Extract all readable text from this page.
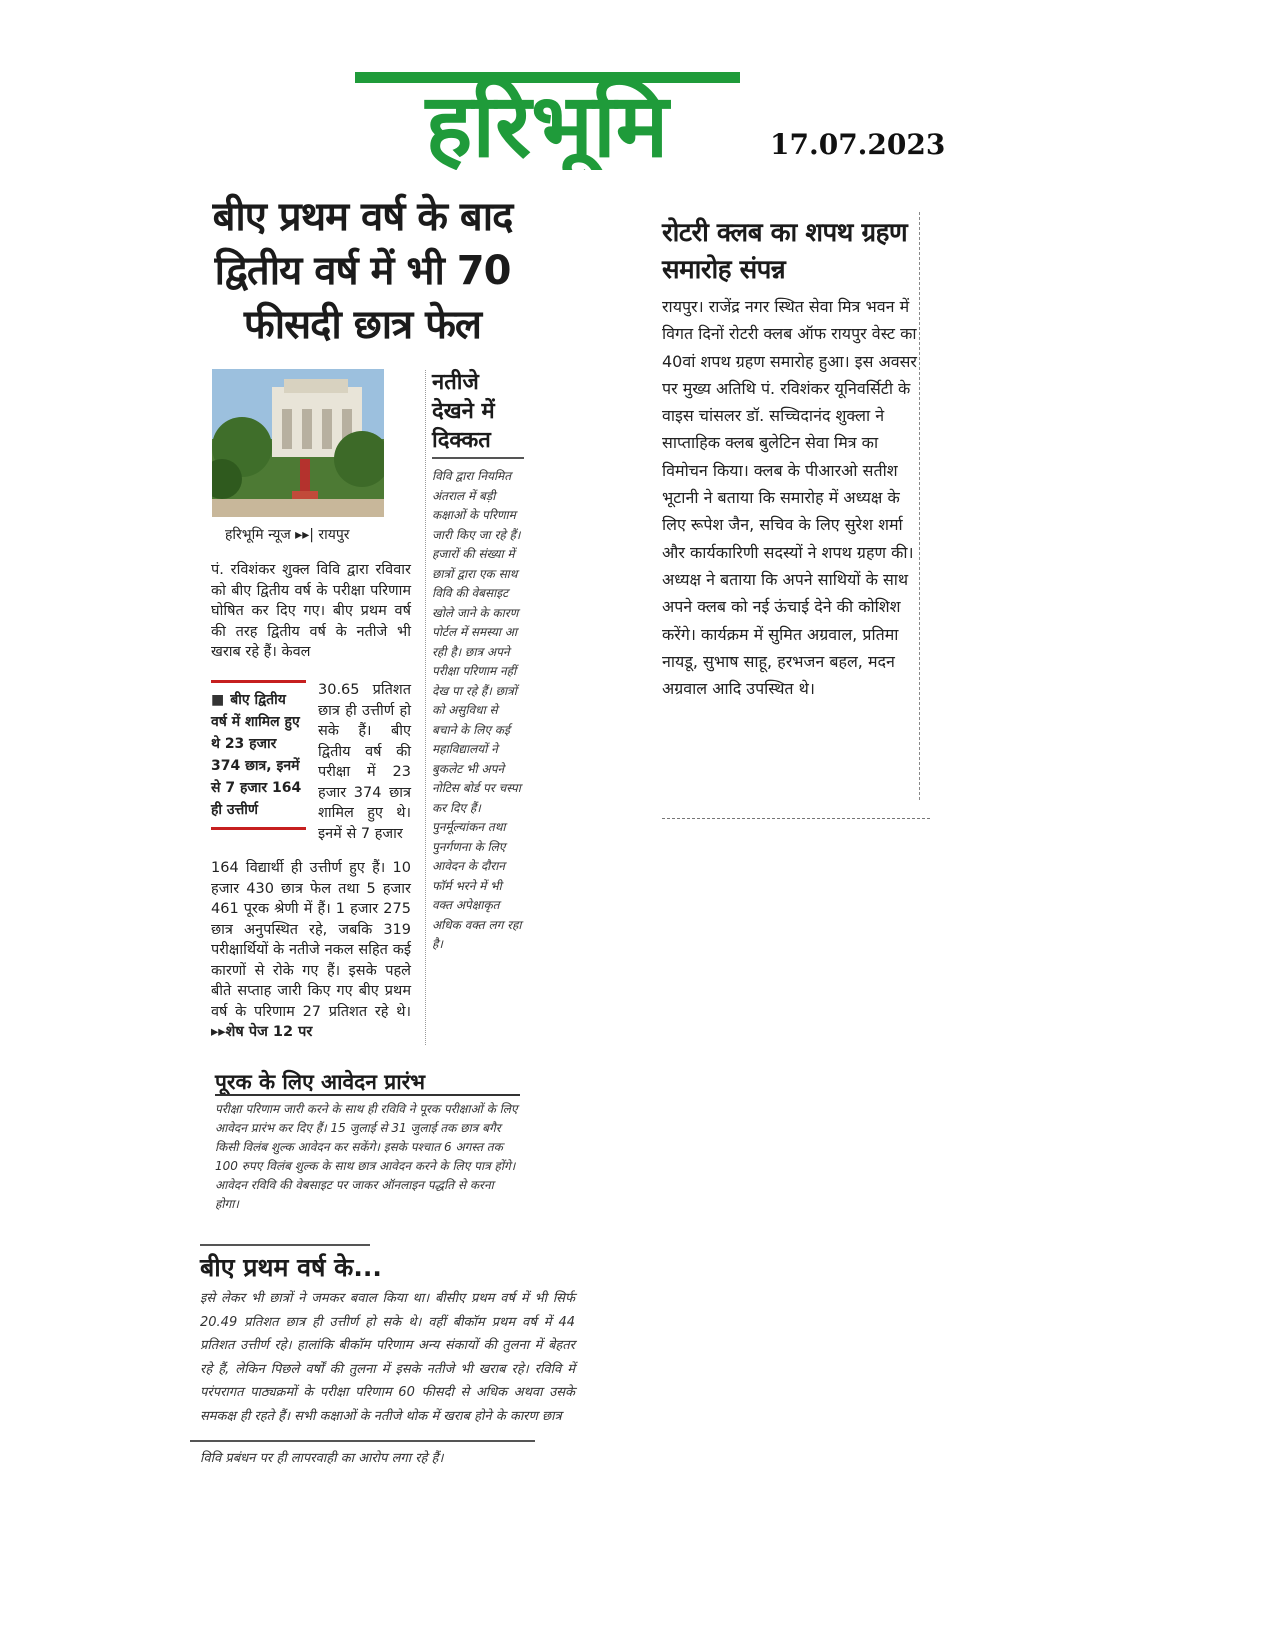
हरिभूमि	17.07.2023
बीए प्रथम वर्ष के बाद द्वितीय वर्ष में भी 70 फीसदी छात्र फेल
हरिभूमि न्यूज ▸▸| रायपुर
पं. रविशंकर शुक्ल विवि द्वारा रविवार को बीए द्वितीय वर्ष के परीक्षा परिणाम घोषित कर दिए गए। बीए प्रथम वर्ष की तरह द्वितीय वर्ष के नतीजे भी खराब रहे हैं। केवल
■ बीए द्वितीय वर्ष में शामिल हुए थे 23 हजार 374 छात्र, इनमें से 7 हजार 164 ही उत्तीर्ण
30.65 प्रतिशत छात्र ही उत्तीर्ण हो सके हैं। बीए द्वितीय वर्ष की परीक्षा में 23 हजार 374 छात्र शामिल हुए थे। इनमें से 7 हजार
164 विद्यार्थी ही उत्तीर्ण हुए हैं। 10 हजार 430 छात्र फेल तथा 5 हजार 461 पूरक श्रेणी में हैं। 1 हजार 275 छात्र अनुपस्थित रहे, जबकि 319 परीक्षार्थियों के नतीजे नकल सहित कई कारणों से रोके गए हैं। इसके पहले बीते सप्ताह जारी किए गए बीए प्रथम वर्ष के परिणाम 27 प्रतिशत रहे थे। ▸▸शेष पेज 12 पर
नतीजे देखने में दिक्कत
विवि द्वारा नियमित अंतराल में बड़ी कक्षाओं के परिणाम जारी किए जा रहे हैं। हजारों की संख्या में छात्रों द्वारा एक साथ विवि की वेबसाइट खोले जाने के कारण पोर्टल में समस्या आ रही है। छात्र अपने परीक्षा परिणाम नहीं देख पा रहे हैं। छात्रों को असुविधा से बचाने के लिए कई महाविद्यालयों ने बुकलेट भी अपने नोटिस बोर्ड पर चस्पा कर दिए हैं। पुनर्मूल्यांकन तथा पुनर्गणना के लिए आवेदन के दौरान फॉर्म भरने में भी वक्त अपेक्षाकृत अधिक वक्त लग रहा है।
पूरक के लिए आवेदन प्रारंभ
परीक्षा परिणाम जारी करने के साथ ही रविवि ने पूरक परीक्षाओं के लिए आवेदन प्रारंभ कर दिए हैं। 15 जुलाई से 31 जुलाई तक छात्र बगैर किसी विलंब शुल्क आवेदन कर सकेंगे। इसके पश्चात 6 अगस्त तक 100 रुपए विलंब शुल्क के साथ छात्र आवेदन करने के लिए पात्र होंगे। आवेदन रविवि की वेबसाइट पर जाकर ऑनलाइन पद्धति से करना होगा।
बीए प्रथम वर्ष के...
इसे लेकर भी छात्रों ने जमकर बवाल किया था। बीसीए प्रथम वर्ष में भी सिर्फ 20.49 प्रतिशत छात्र ही उत्तीर्ण हो सके थे। वहीं बीकॉम प्रथम वर्ष में 44 प्रतिशत उत्तीर्ण रहे। हालांकि बीकॉम परिणाम अन्य संकायों की तुलना में बेहतर रहे हैं, लेकिन पिछले वर्षों की तुलना में इसके नतीजे भी खराब रहे। रविवि में परंपरागत पाठ्यक्रमों के परीक्षा परिणाम 60 फीसदी से अधिक अथवा उसके समकक्ष ही रहते हैं। सभी कक्षाओं के नतीजे थोक में खराब होने के कारण छात्र
विवि प्रबंधन पर ही लापरवाही का आरोप लगा रहे हैं।
रोटरी क्लब का शपथ ग्रहण समारोह संपन्न
रायपुर। राजेंद्र नगर स्थित सेवा मित्र भवन में विगत दिनों रोटरी क्लब ऑफ रायपुर वेस्ट का 40वां शपथ ग्रहण समारोह हुआ। इस अवसर पर मुख्य अतिथि पं. रविशंकर यूनिवर्सिटी के वाइस चांसलर डॉ. सच्चिदानंद शुक्ला ने साप्ताहिक क्लब बुलेटिन सेवा मित्र का विमोचन किया। क्लब के पीआरओ सतीश भूटानी ने बताया कि समारोह में अध्यक्ष के लिए रूपेश जैन, सचिव के लिए सुरेश शर्मा और कार्यकारिणी सदस्यों ने शपथ ग्रहण की। अध्यक्ष ने बताया कि अपने साथियों के साथ अपने क्लब को नई ऊंचाई देने की कोशिश करेंगे। कार्यक्रम में सुमित अग्रवाल, प्रतिमा नायडू, सुभाष साहू, हरभजन बहल, मदन अग्रवाल आदि उपस्थित थे।
